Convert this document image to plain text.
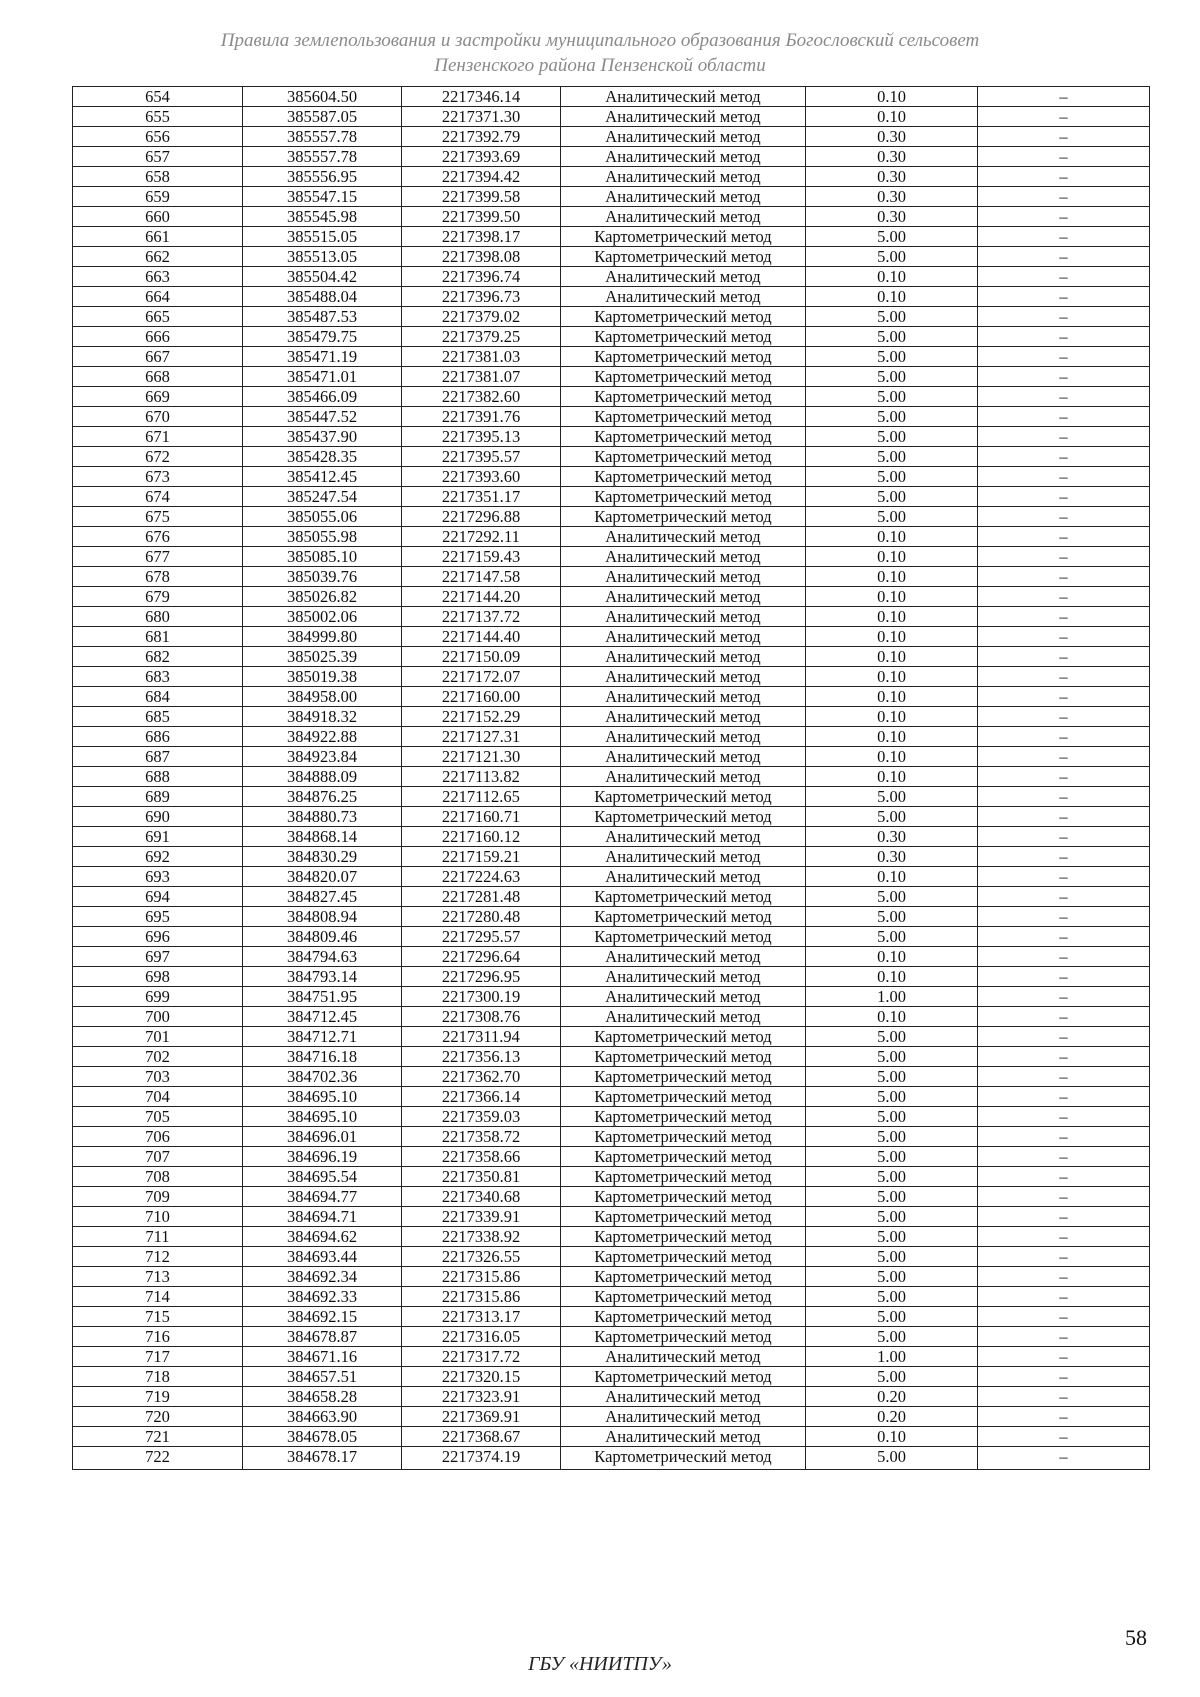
Правила землепользования и застройки муниципального образования Богословский сельсовет
Пензенского района Пензенской области
654	385604.50	2217346.14	Аналитический метод	0.10	–
655	385587.05	2217371.30	Аналитический метод	0.10	–
656	385557.78	2217392.79	Аналитический метод	0.30	–
657	385557.78	2217393.69	Аналитический метод	0.30	–
658	385556.95	2217394.42	Аналитический метод	0.30	–
659	385547.15	2217399.58	Аналитический метод	0.30	–
660	385545.98	2217399.50	Аналитический метод	0.30	–
661	385515.05	2217398.17	Картометрический метод	5.00	–
662	385513.05	2217398.08	Картометрический метод	5.00	–
663	385504.42	2217396.74	Аналитический метод	0.10	–
664	385488.04	2217396.73	Аналитический метод	0.10	–
665	385487.53	2217379.02	Картометрический метод	5.00	–
666	385479.75	2217379.25	Картометрический метод	5.00	–
667	385471.19	2217381.03	Картометрический метод	5.00	–
668	385471.01	2217381.07	Картометрический метод	5.00	–
669	385466.09	2217382.60	Картометрический метод	5.00	–
670	385447.52	2217391.76	Картометрический метод	5.00	–
671	385437.90	2217395.13	Картометрический метод	5.00	–
672	385428.35	2217395.57	Картометрический метод	5.00	–
673	385412.45	2217393.60	Картометрический метод	5.00	–
674	385247.54	2217351.17	Картометрический метод	5.00	–
675	385055.06	2217296.88	Картометрический метод	5.00	–
676	385055.98	2217292.11	Аналитический метод	0.10	–
677	385085.10	2217159.43	Аналитический метод	0.10	–
678	385039.76	2217147.58	Аналитический метод	0.10	–
679	385026.82	2217144.20	Аналитический метод	0.10	–
680	385002.06	2217137.72	Аналитический метод	0.10	–
681	384999.80	2217144.40	Аналитический метод	0.10	–
682	385025.39	2217150.09	Аналитический метод	0.10	–
683	385019.38	2217172.07	Аналитический метод	0.10	–
684	384958.00	2217160.00	Аналитический метод	0.10	–
685	384918.32	2217152.29	Аналитический метод	0.10	–
686	384922.88	2217127.31	Аналитический метод	0.10	–
687	384923.84	2217121.30	Аналитический метод	0.10	–
688	384888.09	2217113.82	Аналитический метод	0.10	–
689	384876.25	2217112.65	Картометрический метод	5.00	–
690	384880.73	2217160.71	Картометрический метод	5.00	–
691	384868.14	2217160.12	Аналитический метод	0.30	–
692	384830.29	2217159.21	Аналитический метод	0.30	–
693	384820.07	2217224.63	Аналитический метод	0.10	–
694	384827.45	2217281.48	Картометрический метод	5.00	–
695	384808.94	2217280.48	Картометрический метод	5.00	–
696	384809.46	2217295.57	Картометрический метод	5.00	–
697	384794.63	2217296.64	Аналитический метод	0.10	–
698	384793.14	2217296.95	Аналитический метод	0.10	–
699	384751.95	2217300.19	Аналитический метод	1.00	–
700	384712.45	2217308.76	Аналитический метод	0.10	–
701	384712.71	2217311.94	Картометрический метод	5.00	–
702	384716.18	2217356.13	Картометрический метод	5.00	–
703	384702.36	2217362.70	Картометрический метод	5.00	–
704	384695.10	2217366.14	Картометрический метод	5.00	–
705	384695.10	2217359.03	Картометрический метод	5.00	–
706	384696.01	2217358.72	Картометрический метод	5.00	–
707	384696.19	2217358.66	Картометрический метод	5.00	–
708	384695.54	2217350.81	Картометрический метод	5.00	–
709	384694.77	2217340.68	Картометрический метод	5.00	–
710	384694.71	2217339.91	Картометрический метод	5.00	–
711	384694.62	2217338.92	Картометрический метод	5.00	–
712	384693.44	2217326.55	Картометрический метод	5.00	–
713	384692.34	2217315.86	Картометрический метод	5.00	–
714	384692.33	2217315.86	Картометрический метод	5.00	–
715	384692.15	2217313.17	Картометрический метод	5.00	–
716	384678.87	2217316.05	Картометрический метод	5.00	–
717	384671.16	2217317.72	Аналитический метод	1.00	–
718	384657.51	2217320.15	Картометрический метод	5.00	–
719	384658.28	2217323.91	Аналитический метод	0.20	–
720	384663.90	2217369.91	Аналитический метод	0.20	–
721	384678.05	2217368.67	Аналитический метод	0.10	–
722	384678.17	2217374.19	Картометрический метод	5.00	–
58
ГБУ «НИИТПУ»
